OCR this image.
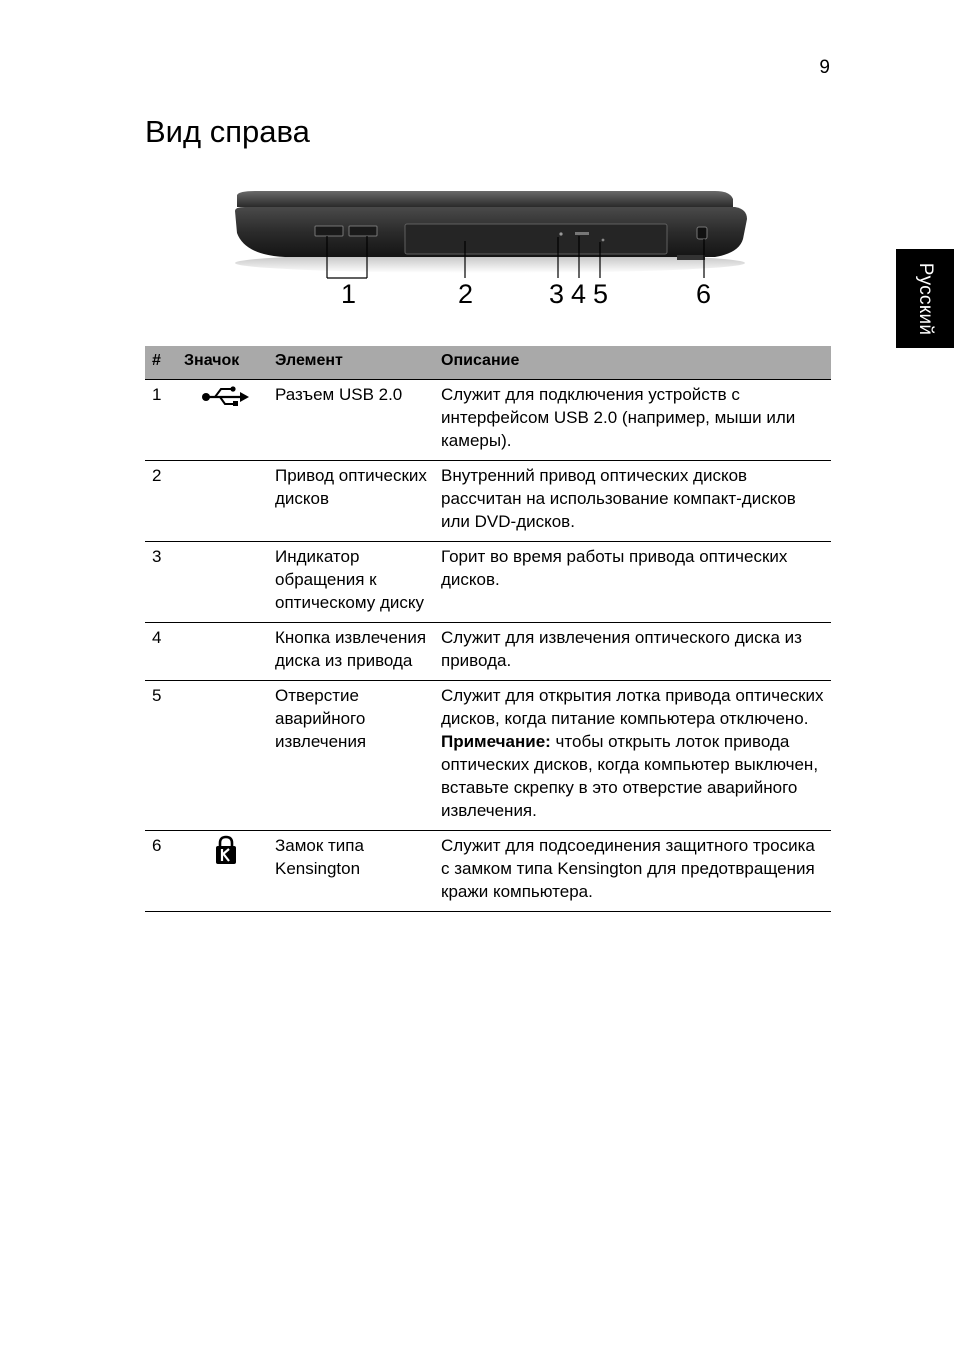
9
Вид справа
Русский
1	2	3 4 5	6
#	Значок	Элемент	Описание
1		Разъем USB 2.0	Служит для подключения устройств с интерфейсом USB 2.0 (например, мыши или камеры).
2		Привод оптических дисков	Внутренний привод оптических дисков рассчитан на использование компакт-дисков или DVD-дисков.
3		Индикатор обращения к оптическому диску	Горит во время работы привода оптических дисков.
4		Кнопка извлечения диска из привода	Служит для извлечения оптического диска из привода.
5		Отверстие аварийного извлечения	Служит для открытия лотка привода оптических дисков, когда питание компьютера отключено.
Примечание: чтобы открыть лоток привода оптических дисков, когда компьютер выключен, вставьте скрепку в это отверстие аварийного извлечения.

6		Замок типа Kensington	Служит для подсоединения защитного тросика с замком типа Kensington для предотвращения кражи компьютера.
